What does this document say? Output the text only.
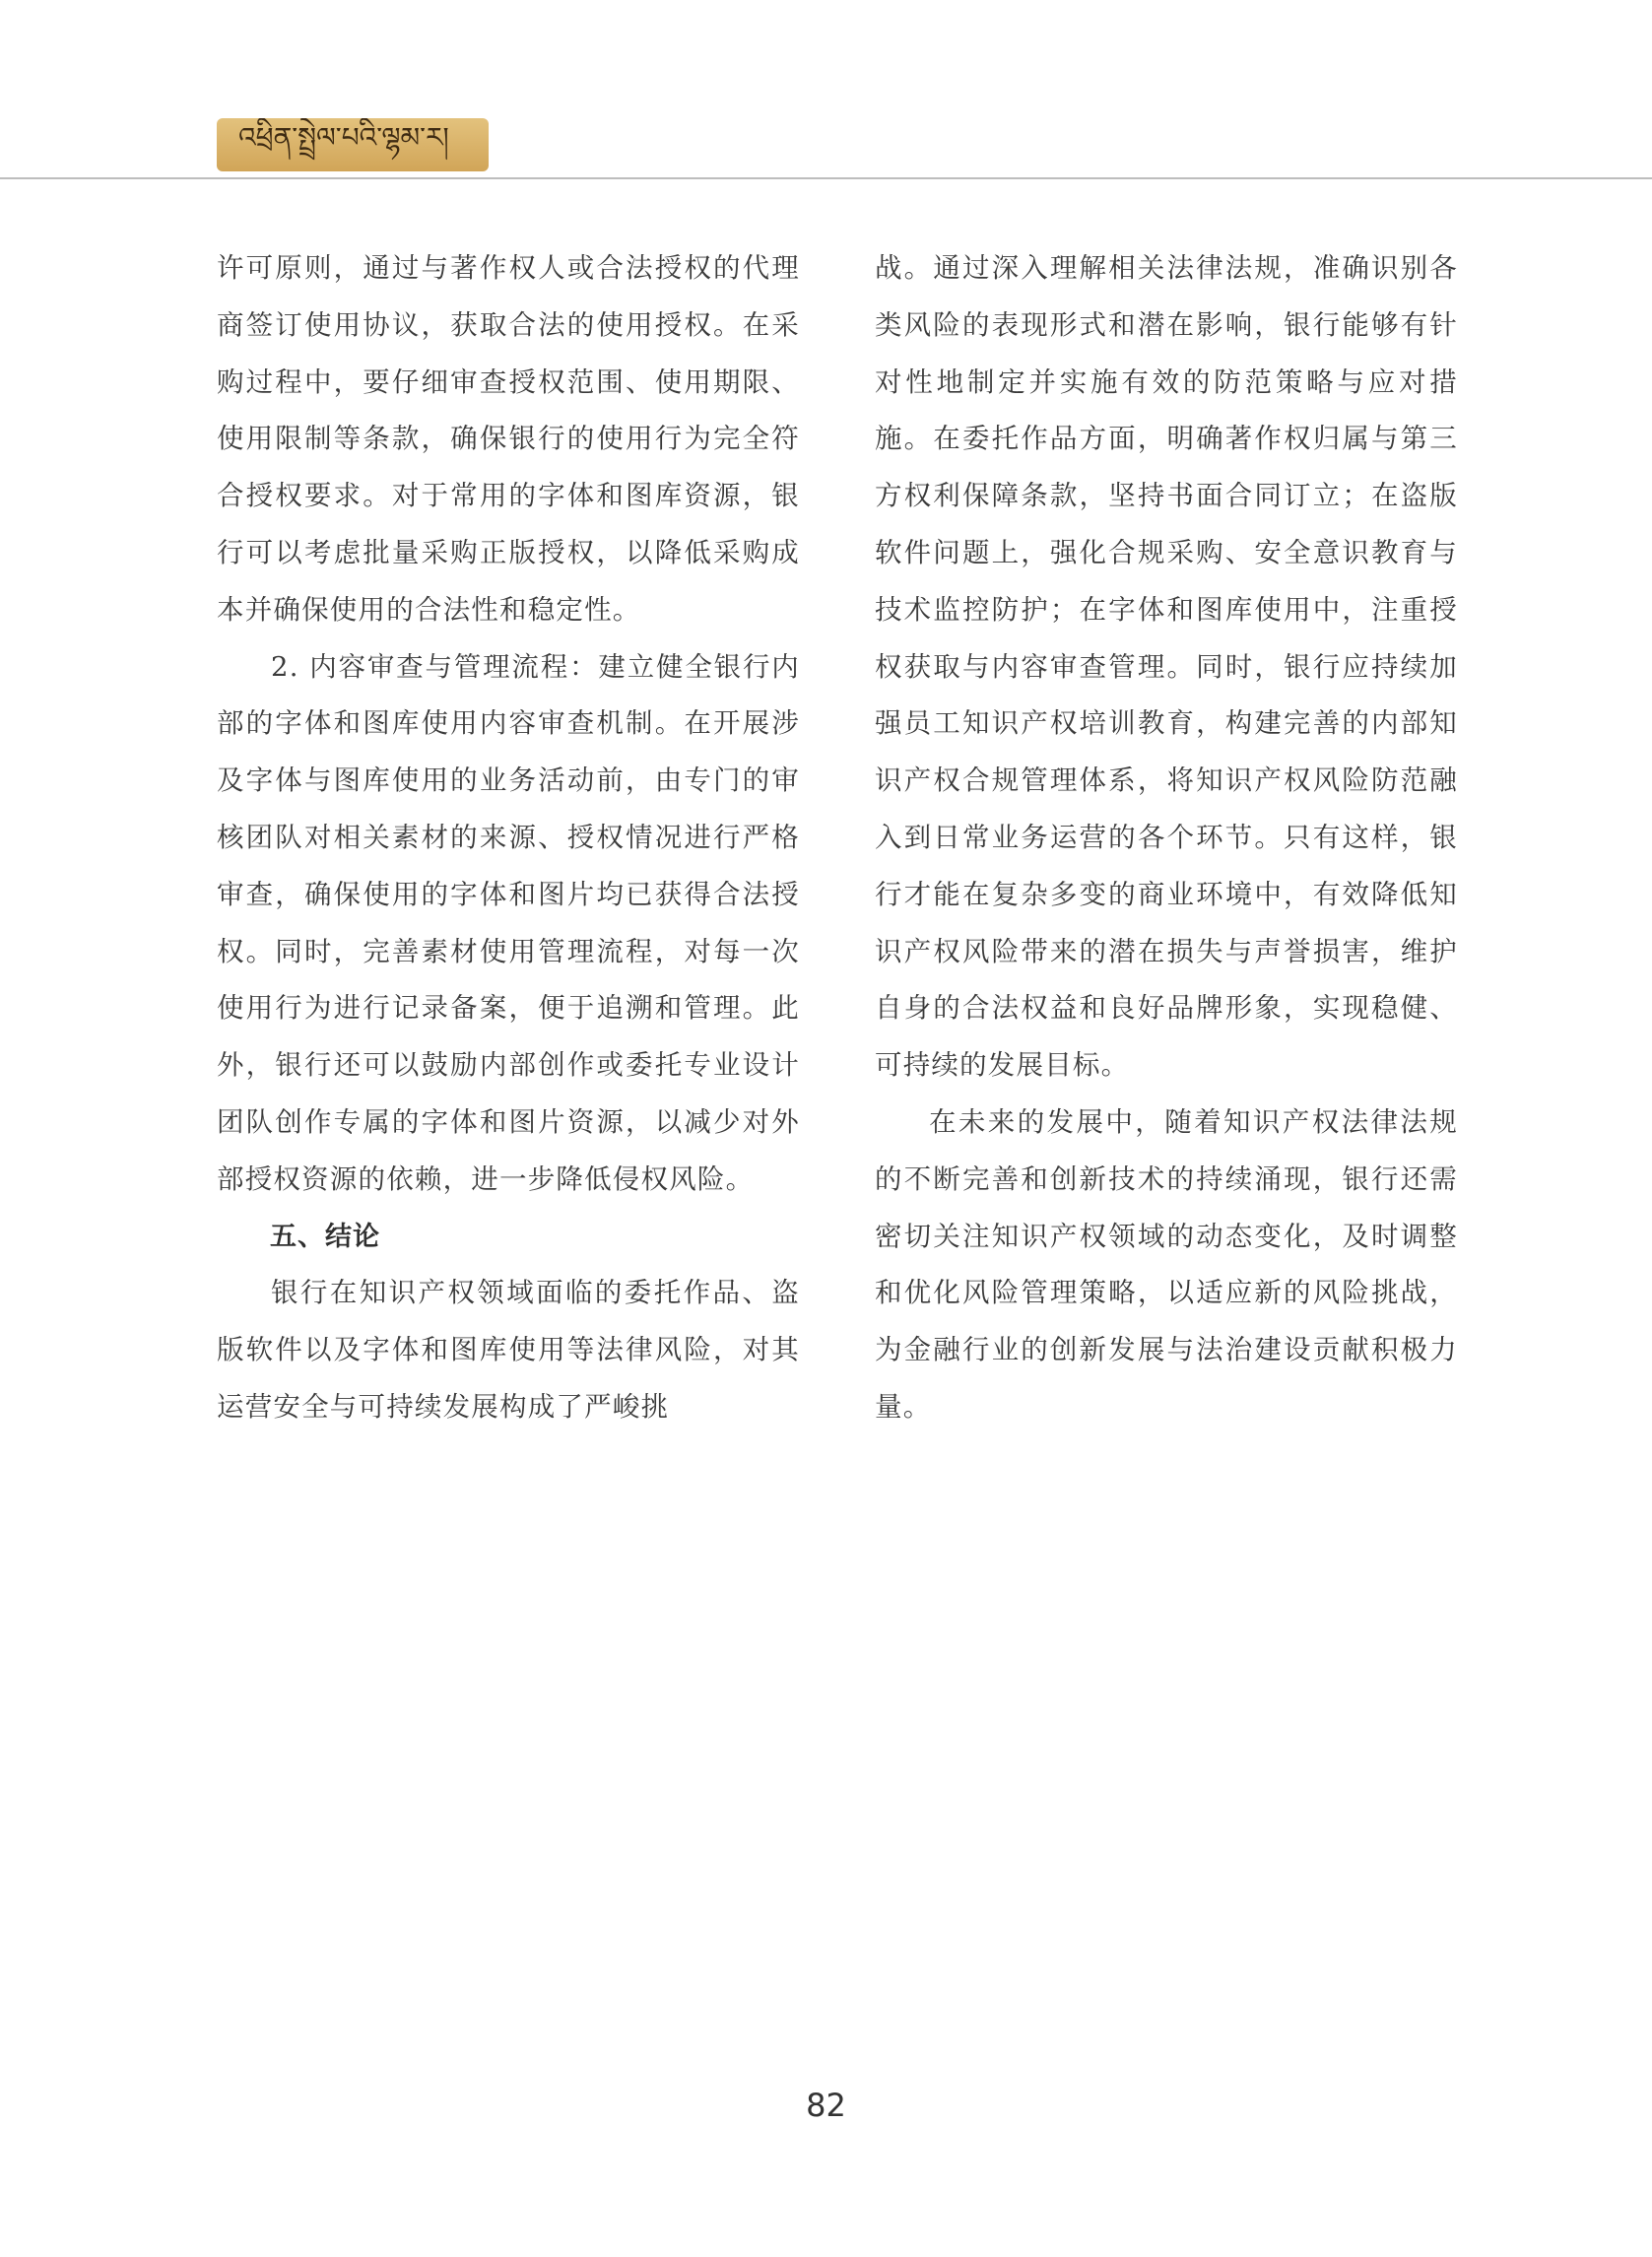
འཕྲིན་སྤྲེལ་པའི་ལྷམ་ར།

许可原则，通过与著作权人或合法授权的代理商签订使用协议，获取合法的使用授权。在采购过程中，要仔细审查授权范围、使用期限、使用限制等条款，确保银行的使用行为完全符合授权要求。对于常用的字体和图库资源，银行可以考虑批量采购正版授权，以降低采购成本并确保使用的合法性和稳定性。

2. 内容审查与管理流程：建立健全银行内部的字体和图库使用内容审查机制。在开展涉及字体与图库使用的业务活动前，由专门的审核团队对相关素材的来源、授权情况进行严格审查，确保使用的字体和图片均已获得合法授权。同时，完善素材使用管理流程，对每一次使用行为进行记录备案，便于追溯和管理。此外，银行还可以鼓励内部创作或委托专业设计团队创作专属的字体和图片资源，以减少对外部授权资源的依赖，进一步降低侵权风险。

五、结论

银行在知识产权领域面临的委托作品、盗版软件以及字体和图库使用等法律风险，对其运营安全与可持续发展构成了严峻挑

战。通过深入理解相关法律法规，准确识别各类风险的表现形式和潜在影响，银行能够有针对性地制定并实施有效的防范策略与应对措施。在委托作品方面，明确著作权归属与第三方权利保障条款，坚持书面合同订立；在盗版软件问题上，强化合规采购、安全意识教育与技术监控防护；在字体和图库使用中，注重授权获取与内容审查管理。同时，银行应持续加强员工知识产权培训教育，构建完善的内部知识产权合规管理体系，将知识产权风险防范融入到日常业务运营的各个环节。只有这样，银行才能在复杂多变的商业环境中，有效降低知识产权风险带来的潜在损失与声誉损害，维护自身的合法权益和良好品牌形象，实现稳健、可持续的发展目标。

在未来的发展中，随着知识产权法律法规的不断完善和创新技术的持续涌现，银行还需密切关注知识产权领域的动态变化，及时调整和优化风险管理策略，以适应新的风险挑战，为金融行业的创新发展与法治建设贡献积极力量。

82
